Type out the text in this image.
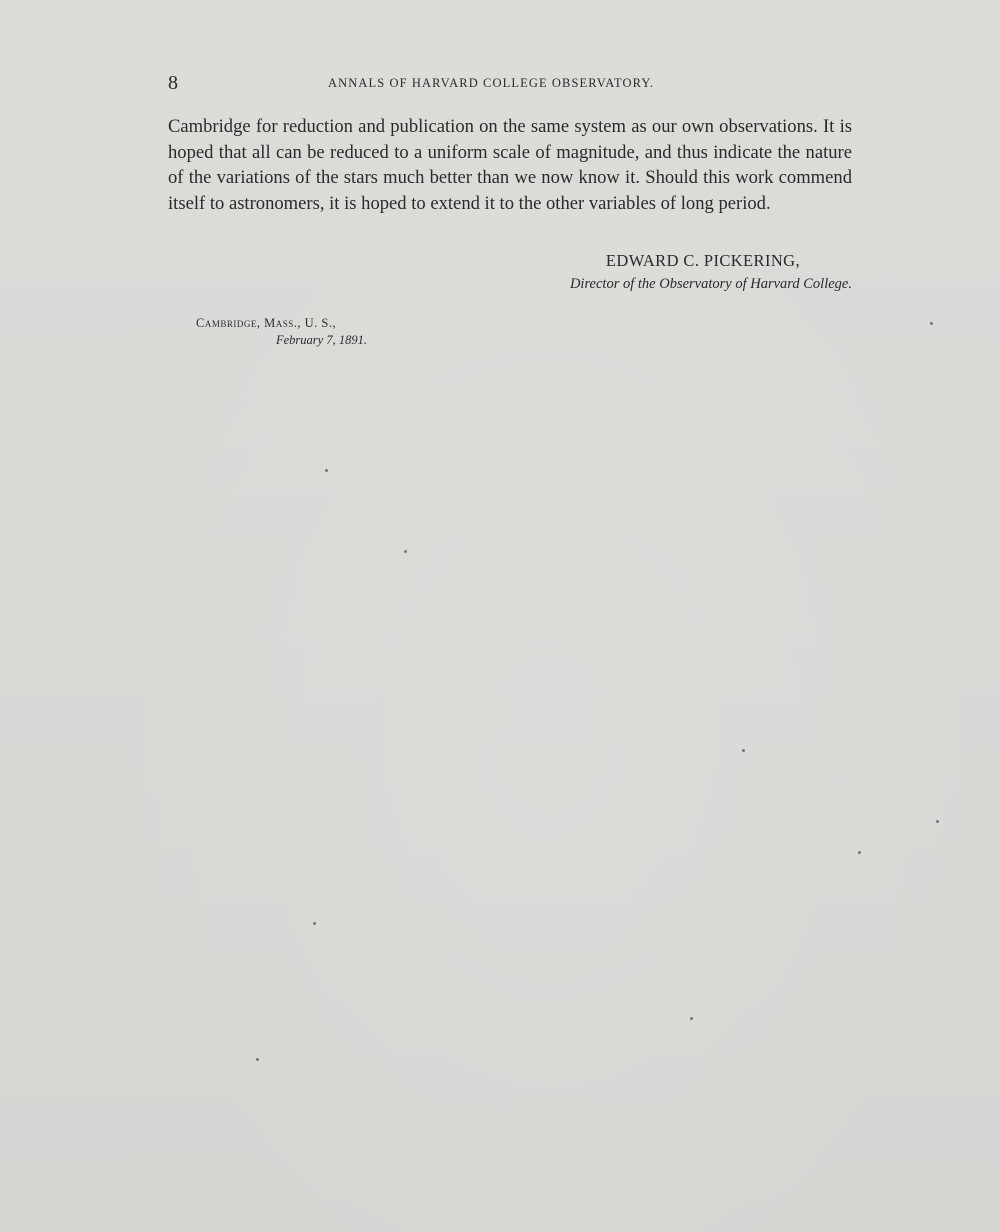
8	ANNALS OF HARVARD COLLEGE OBSERVATORY.

Cambridge for reduction and publication on the same system as our own observations. It is hoped that all can be reduced to a uniform scale of magnitude, and thus indicate the nature of the variations of the stars much better than we now know it. Should this work commend itself to astronomers, it is hoped to extend it to the other variables of long period.

EDWARD C. PICKERING,
Director of the Observatory of Harvard College.
Cambridge, Mass., U. S.,
February 7, 1891.
